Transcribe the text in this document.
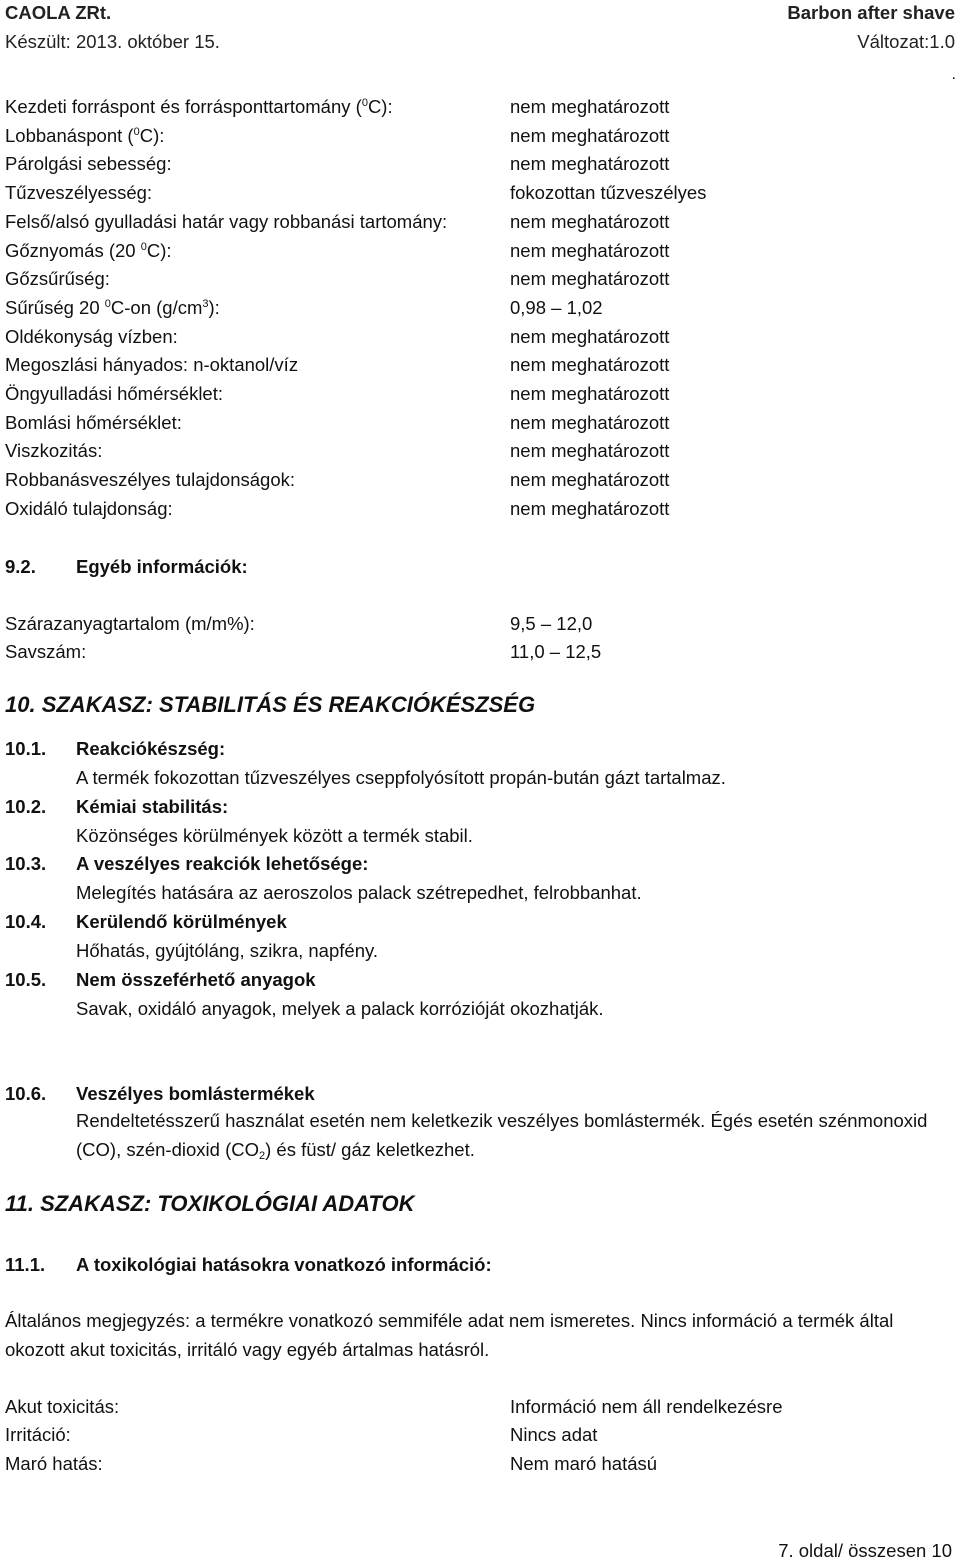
CAOLA ZRt.	Barbon after shave
Készült: 2013. október 15.	Változat:1.0
.
Kezdeti forráspont és forrásponttartomány ($^0$C):	nem meghatározott
Lobbanáspont ($^0$C):	nem meghatározott
Párolgási sebesség:	nem meghatározott
Tűzveszélyesség:	fokozottan tűzveszélyes
Felső/alsó gyulladási határ vagy robbanási tartomány:	nem meghatározott
Gőznyomás (20 $^0$C):	nem meghatározott
Gőzsűrűség:	nem meghatározott
Sűrűség 20 $^0$C-on $(g/cm^3)$:	0,98 – 1,02
Oldékonyság vízben:	nem meghatározott
Megoszlási hányados: n-oktanol/víz	nem meghatározott
Öngyulladási hőmérséklet:	nem meghatározott
Bomlási hőmérséklet:	nem meghatározott
Viszkozitás:	nem meghatározott
Robbanásveszélyes tulajdonságok:	nem meghatározott
Oxidáló tulajdonság:	nem meghatározott
9.2. Egyéb információk:
Szárazanyagtartalom (m/m%):	9,5 – 12,0
Savszám:	11,0 – 12,5
10. SZAKASZ: STABILITÁS ÉS REAKCIÓKÉSZSÉG
10.1. Reakciókészség:
A termék fokozottan tűzveszélyes cseppfolyósított propán-bután gázt tartalmaz.
10.2. Kémiai stabilitás:
Közönséges körülmények között a termék stabil.
10.3. A veszélyes reakciók lehetősége:
Melegítés hatására az aeroszolos palack szétrepedhet, felrobbanhat.
10.4. Kerülendő körülmények
Hőhatás, gyújtóláng, szikra, napfény.
10.5. Nem összeférhető anyagok
Savak, oxidáló anyagok, melyek a palack korrózióját okozhatják.
10.6. Veszélyes bomlástermékek
Rendeltetésszerű használat esetén nem keletkezik veszélyes bomlástermék. Égés esetén szénmonoxid (CO), szén-dioxid $(CO_2)$ és füst/ gáz keletkezhet.
11. SZAKASZ: TOXIKOLÓGIAI ADATOK
11.1. A toxikológiai hatásokra vonatkozó információ:
Általános megjegyzés: a termékre vonatkozó semmiféle adat nem ismeretes. Nincs információ a termék által okozott akut toxicitás, irritáló vagy egyéb ártalmas hatásról.
Akut toxicitás:	Információ nem áll rendelkezésre
Irritáció:	Nincs adat
Maró hatás:	Nem maró hatású
7. oldal/ összesen 10
